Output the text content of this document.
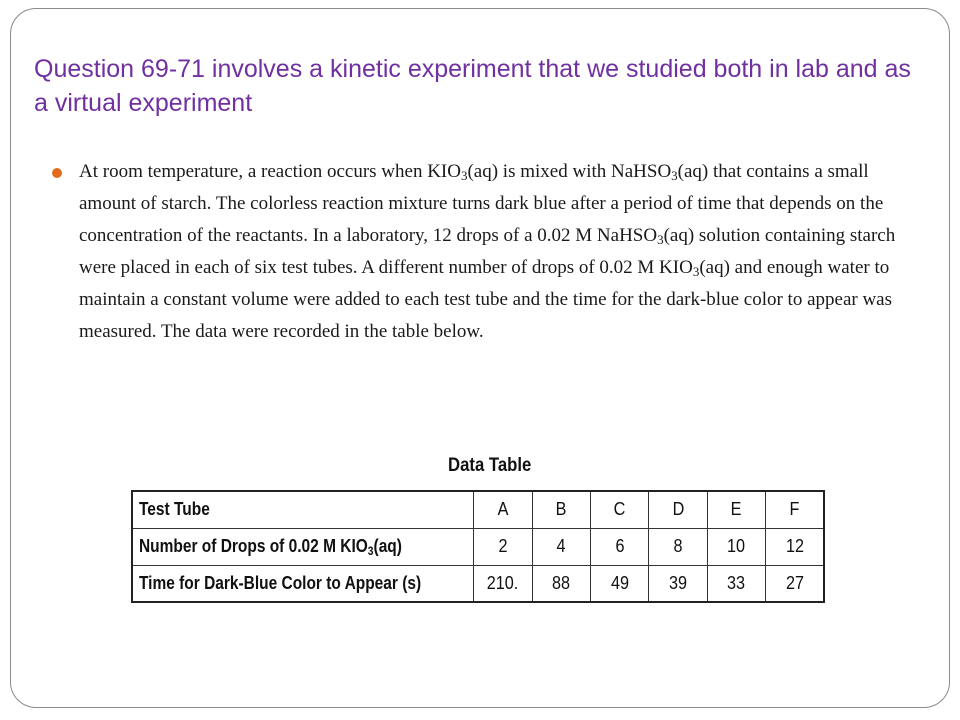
Question 69-71 involves a kinetic experiment that we studied both in lab and as a virtual experiment

At room temperature, a reaction occurs when $KIO_3(aq)$ is mixed with NaHSO$_3$(aq) that contains a small amount of starch. The colorless reaction mixture turns dark blue after a period of time that depends on the concentration of the reactants. In a laboratory, 12 drops of a 0.02 M NaHSO$_3$(aq) solution containing starch were placed in each of six test tubes. A different number of drops of 0.02 M $KIO_3(aq)$ and enough water to maintain a constant volume were added to each test tube and the time for the dark-blue color to appear was measured. The data were recorded in the table below.

Data Table
Test Tube	A	B	C	D	E	F
Number of Drops of 0.02 M $KIO_3(aq)$	2	4	6	8	10	12
Time for Dark-Blue Color to Appear (s)	210.	88	49	39	33	27
